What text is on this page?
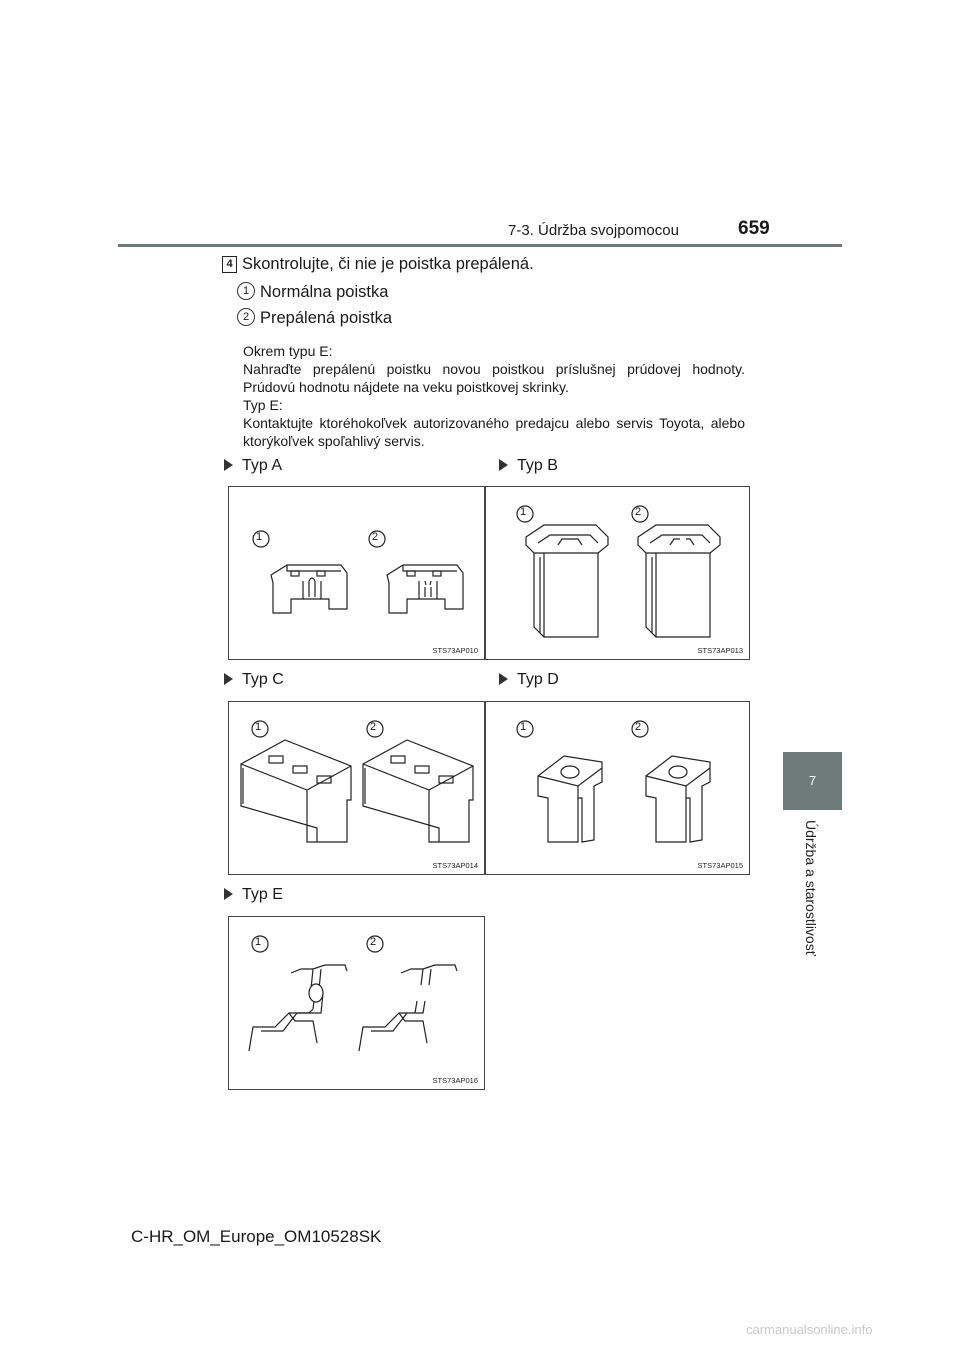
7-3. Údržba svojpomocou	659
7
Údržba a starostlivosť
4 Skontrolujte, či nie je poistka prepálená.
1 Normálna poistka
2 Prepálená poistka
Okrem typu E:
Nahraďte prepálenú poistku novou poistkou príslušnej prúdovej hodnoty. Prúdovú hodnotu nájdete na veku poistkovej skrinky.
Typ E:
Kontaktujte ktoréhokoľvek autorizovaného predajcu alebo servis Toyota, alebo ktorýkoľvek spoľahlivý servis.
Typ A	Typ B
Typ C	Typ D
Typ E
STS73AP010
1	2
STS73AP013
1	2
STS73AP014
1	2
STS73AP015
1	2
STS73AP016
1	2
C-HR_OM_Europe_OM10528SK
carmanualsonline.info
